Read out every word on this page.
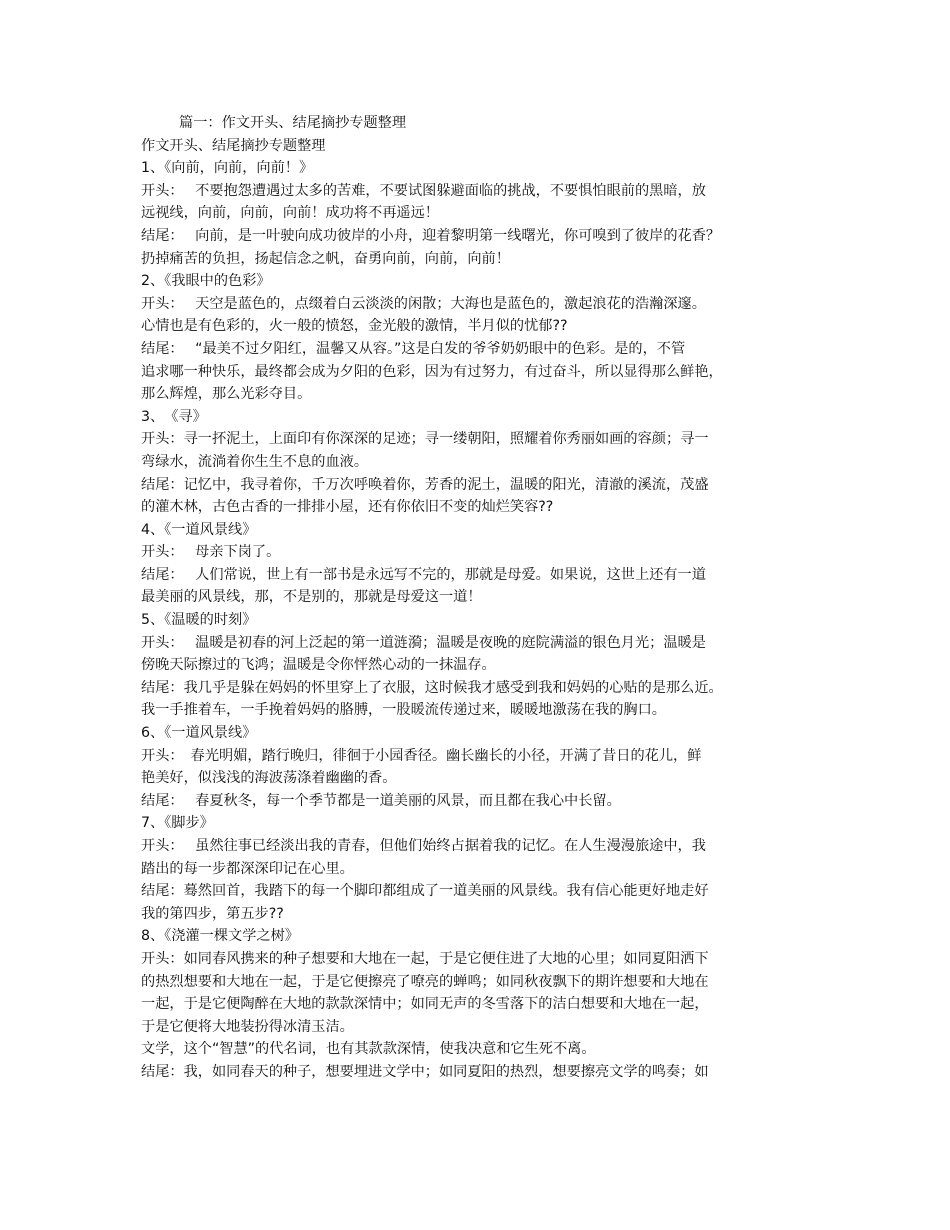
篇一：作文开头、结尾摘抄专题整理
作文开头、结尾摘抄专题整理
1、《向前，向前，向前！》
开头：　 不要抱怨遭遇过太多的苦难，不要试图躲避面临的挑战，不要惧怕眼前的黑暗，放
远视线，向前，向前，向前！成功将不再遥远！
结尾：　 向前，是一叶驶向成功彼岸的小舟，迎着黎明第一线曙光，你可嗅到了彼岸的花香？
扔掉痛苦的负担，扬起信念之帆，奋勇向前，向前，向前！
2、《我眼中的色彩》
开头：　 天空是蓝色的，点缀着白云淡淡的闲散；大海也是蓝色的，激起浪花的浩瀚深邃。
心情也是有色彩的，火一般的愤怒，金光般的激情，半月似的忧郁??
结尾：　 “最美不过夕阳红，温馨又从容。”这是白发的爷爷奶奶眼中的色彩。是的，不管
追求哪一种快乐，最终都会成为夕阳的色彩，因为有过努力，有过奋斗，所以显得那么鲜艳，
那么辉煌，那么光彩夺目。
3、　《寻》
开头：寻一抔泥土，上面印有你深深的足迹；寻一缕朝阳，照耀着你秀丽如画的容颜；寻一
弯绿水，流淌着你生生不息的血液。
结尾：记忆中，我寻着你，千万次呼唤着你，芳香的泥土，温暖的阳光，清澈的溪流，茂盛
的灌木林，古色古香的一排排小屋，还有你依旧不变的灿烂笑容??
4、《一道风景线》
开头：　 母亲下岗了。
结尾：　 人们常说，世上有一部书是永远写不完的，那就是母爱。如果说，这世上还有一道
最美丽的风景线，那，不是别的，那就是母爱这一道！
5、《温暖的时刻》
开头：　 温暖是初春的河上泛起的第一道涟漪；温暖是夜晚的庭院满溢的银色月光；温暖是
傍晚天际擦过的飞鸿；温暖是令你怦然心动的一抹温存。
结尾：我几乎是躲在妈妈的怀里穿上了衣服，这时候我才感受到我和妈妈的心贴的是那么近。
我一手推着车，一手挽着妈妈的胳膊，一股暖流传递过来，暖暖地激荡在我的胸口。
6、《一道风景线》
开头：　春光明媚，踏行晚归，徘徊于小园香径。幽长幽长的小径，开满了昔日的花儿，鲜
艳美好，似浅浅的海波荡涤着幽幽的香。
结尾：　 春夏秋冬，每一个季节都是一道美丽的风景，而且都在我心中长留。
7、《脚步》
开头：　 虽然往事已经淡出我的青春，但他们始终占据着我的记忆。在人生漫漫旅途中，我
踏出的每一步都深深印记在心里。
结尾：蓦然回首，我踏下的每一个脚印都组成了一道美丽的风景线。我有信心能更好地走好
我的第四步，第五步??
8、《浇灌一棵文学之树》
开头：如同春风携来的种子想要和大地在一起，于是它便住进了大地的心里；如同夏阳洒下
的热烈想要和大地在一起，于是它便擦亮了嘹亮的蝉鸣；如同秋夜飘下的期许想要和大地在
一起，于是它便陶醉在大地的款款深情中；如同无声的冬雪落下的洁白想要和大地在一起，
于是它便将大地装扮得冰清玉洁。
文学，这个“智慧”的代名词，也有其款款深情，使我决意和它生死不离。
结尾：我，如同春天的种子，想要埋进文学中；如同夏阳的热烈，想要擦亮文学的鸣奏；如
